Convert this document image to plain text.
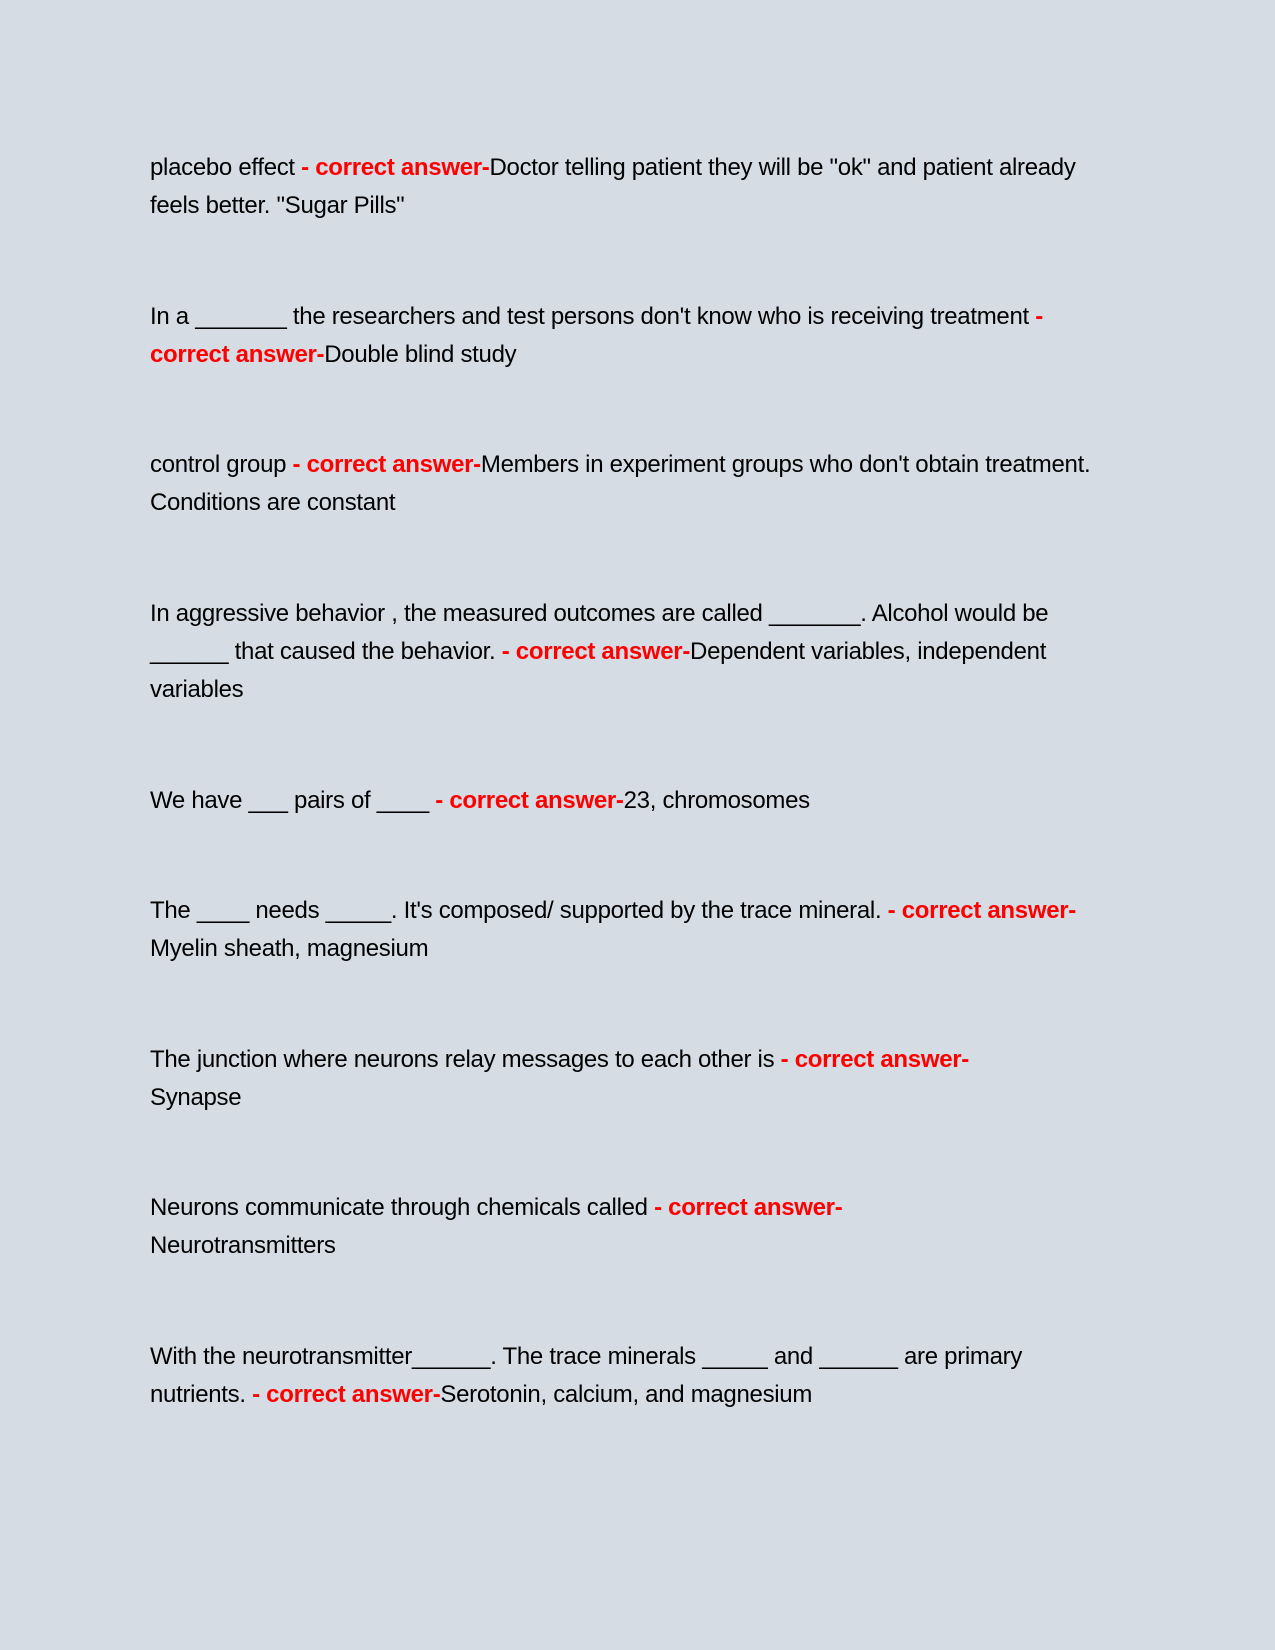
placebo effect - correct answer-Doctor telling patient they will be "ok" and patient already feels better. "Sugar Pills"
In a _______ the researchers and test persons don't know who is receiving treatment - correct answer-Double blind study
control group - correct answer-Members in experiment groups who don't obtain treatment. Conditions are constant
In aggressive behavior , the measured outcomes are called _______. Alcohol would be ______ that caused the behavior. - correct answer-Dependent variables, independent variables
We have ___ pairs of ____ - correct answer-23, chromosomes
The ____ needs _____. It's composed/ supported by the trace mineral. - correct answer-Myelin sheath, magnesium
The junction where neurons relay messages to each other is - correct answer-
Synapse
Neurons communicate through chemicals called - correct answer-
Neurotransmitters
With the neurotransmitter______. The trace minerals _____ and ______ are primary nutrients. - correct answer-Serotonin, calcium, and magnesium
